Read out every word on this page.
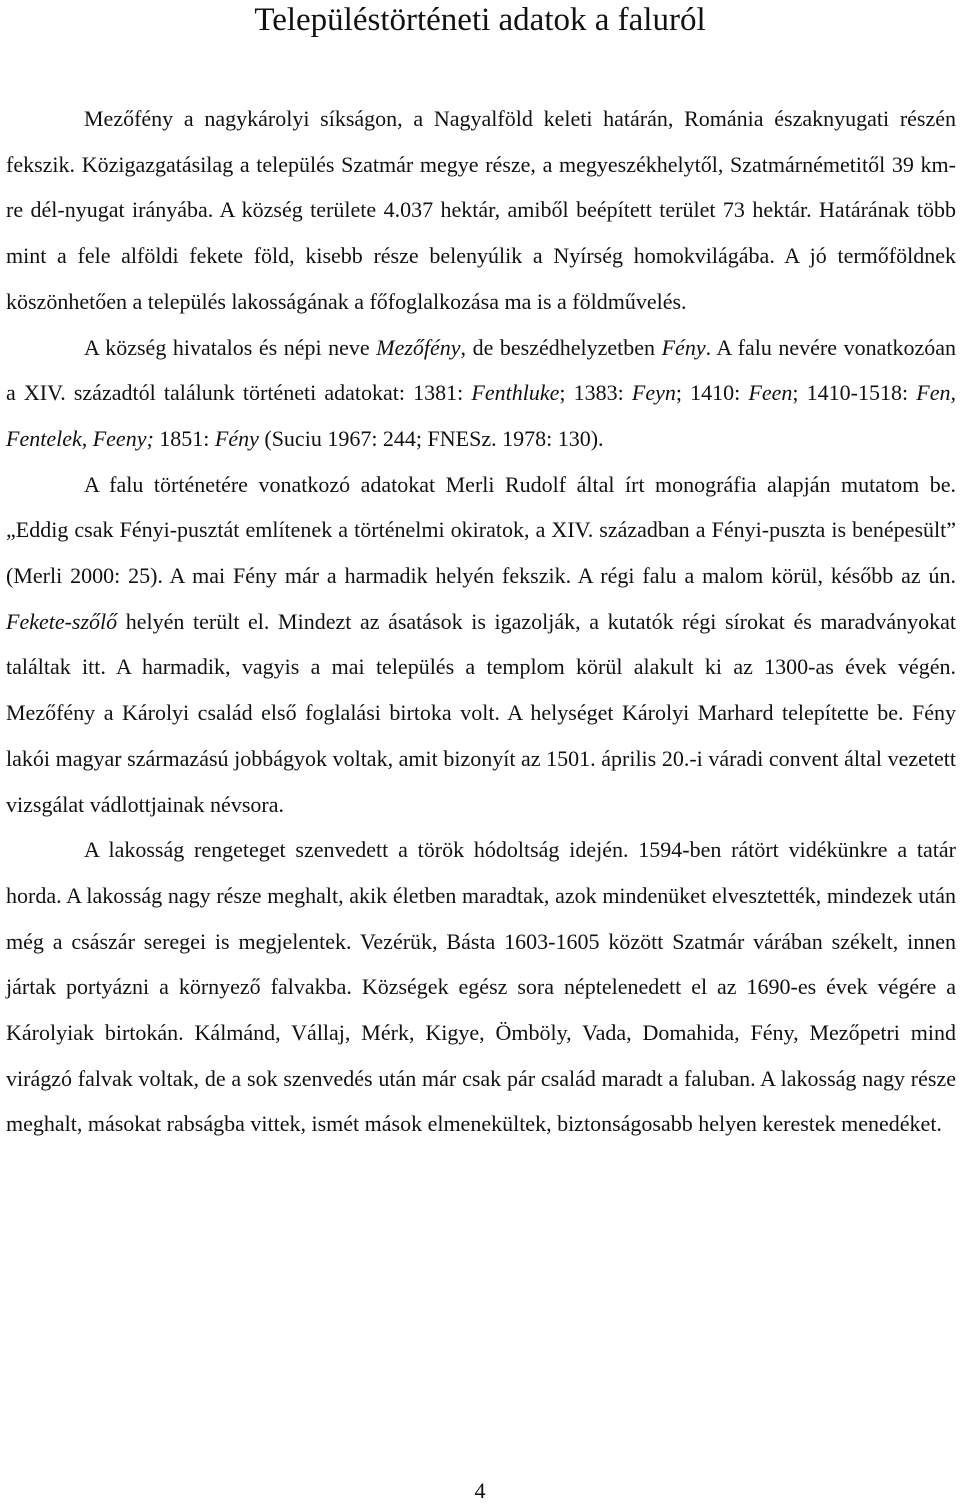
Településtörténeti adatok a faluról

Mezőfény a nagykárolyi síkságon, a Nagyalföld keleti határán, Románia északnyugati részén fekszik. Közigazgatásilag a település Szatmár megye része, a megyeszékhelytől, Szatmárnémetitől 39 km-re dél-nyugat irányába. A község területe 4.037 hektár, amiből beépített terület 73 hektár. Határának több mint a fele alföldi fekete föld, kisebb része belenyúlik a Nyírség homokvilágába. A jó termőföldnek köszönhetően a település lakosságának a főfoglalkozása ma is a földművelés.

A község hivatalos és népi neve Mezőfény, de beszédhelyzetben Fény. A falu nevére vonatkozóan a XIV. századtól találunk történeti adatokat: 1381: Fenthluke; 1383: Feyn; 1410: Feen; 1410-1518: Fen, Fentelek, Feeny; 1851: Fény (Suciu 1967: 244; FNESz. 1978: 130).

A falu történetére vonatkozó adatokat Merli Rudolf által írt monográfia alapján mutatom be. „Eddig csak Fényi-pusztát említenek a történelmi okiratok, a XIV. században a Fényi-puszta is benépesült” (Merli 2000: 25). A mai Fény már a harmadik helyén fekszik. A régi falu a malom körül, később az ún. Fekete-szőlő helyén terült el. Mindezt az ásatások is igazolják, a kutatók régi sírokat és maradványokat találtak itt. A harmadik, vagyis a mai település a templom körül alakult ki az 1300-as évek végén. Mezőfény a Károlyi család első foglalási birtoka volt. A helységet Károlyi Marhard telepítette be. Fény lakói magyar származású jobbágyok voltak, amit bizonyít az 1501. április 20.-i váradi convent által vezetett vizsgálat vádlottjainak névsora.

A lakosság rengeteget szenvedett a török hódoltság idején. 1594-ben rátört vidékünkre a tatár horda. A lakosság nagy része meghalt, akik életben maradtak, azok mindenüket elvesztették, mindezek után még a császár seregei is megjelentek. Vezérük, Básta 1603-1605 között Szatmár várában székelt, innen jártak portyázni a környező falvakba. Községek egész sora néptelenedett el az 1690-es évek végére a Károlyiak birtokán. Kálmánd, Vállaj, Mérk, Kigye, Ömböly, Vada, Domahida, Fény, Mezőpetri mind virágzó falvak voltak, de a sok szenvedés után már csak pár család maradt a faluban. A lakosság nagy része meghalt, másokat rabságba vittek, ismét mások elmenekültek, biztonságosabb helyen kerestek menedéket.

4
